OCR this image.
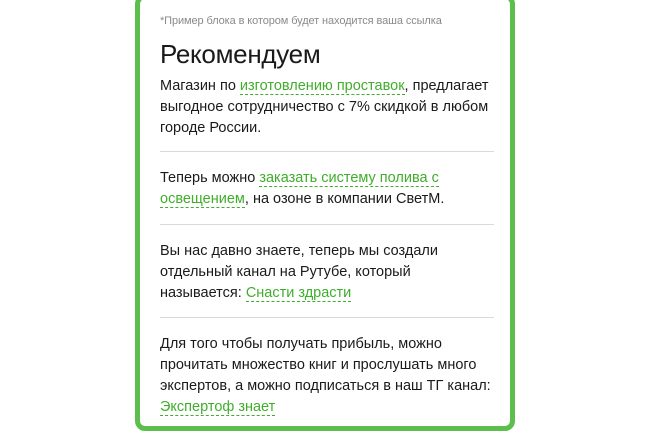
*Пример блока в котором будет находится ваша ссылка
Рекомендуем

Магазин по изготовлению проставок, предлагает выгодное сотрудничество с 7% скидкой в любом городе России.

Теперь можно заказать систему полива с освещением, на озоне в компании СветМ.

Вы нас давно знаете, теперь мы создали отдельный канал на Рутубе, который называется: Снасти здрасти

Для того чтобы получать прибыль, можно прочитать множество книг и прослушать много экспертов, а можно подписаться в наш ТГ канал: Экспертоф знает
